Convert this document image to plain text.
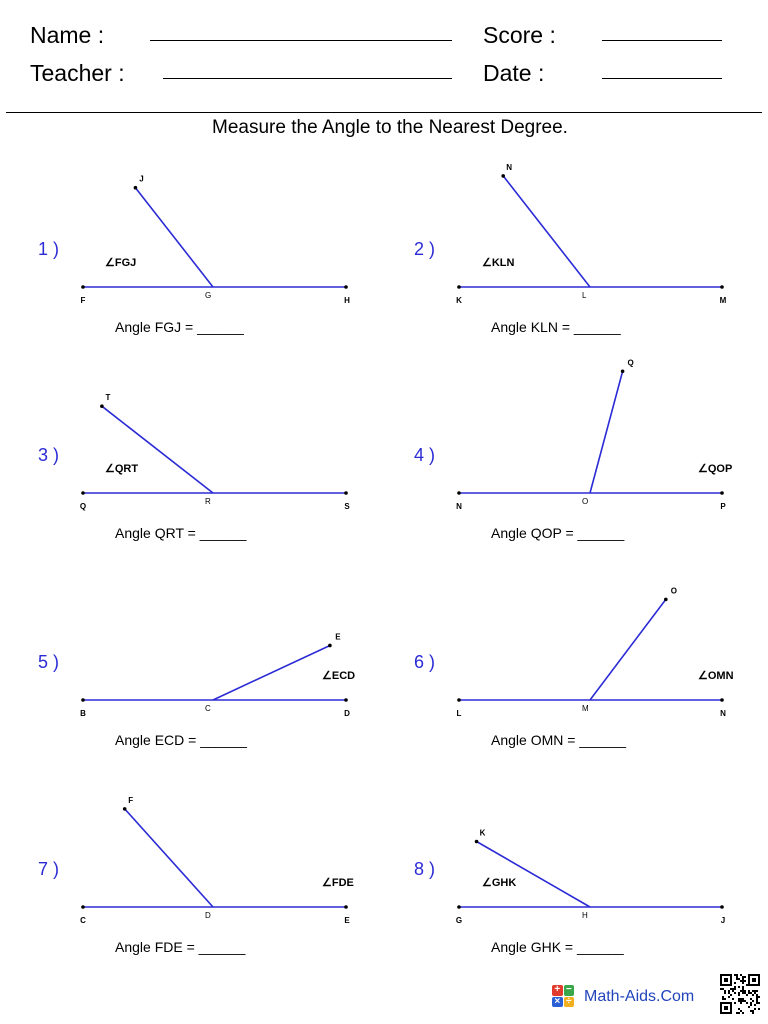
Name :
Teacher :
Score :
Date :
Measure the Angle to the Nearest Degree.
1 )
F
G
H
J
∠FGJ
Angle FGJ = ______
2 )
K
L
M
N
∠KLN
Angle KLN = ______
3 )
Q
R
S
T
∠QRT
Angle QRT = ______
4 )
N
O
P
Q
∠QOP
Angle QOP = ______
5 )
B
C
D
E
∠ECD
Angle ECD = ______
6 )
L
M
N
O
∠OMN
Angle OMN = ______
7 )
C
D
E
F
∠FDE
Angle FDE = ______
8 )
G
H
J
K
∠GHK
Angle GHK = ______
+ −
× ÷ Math-Aids.Com
